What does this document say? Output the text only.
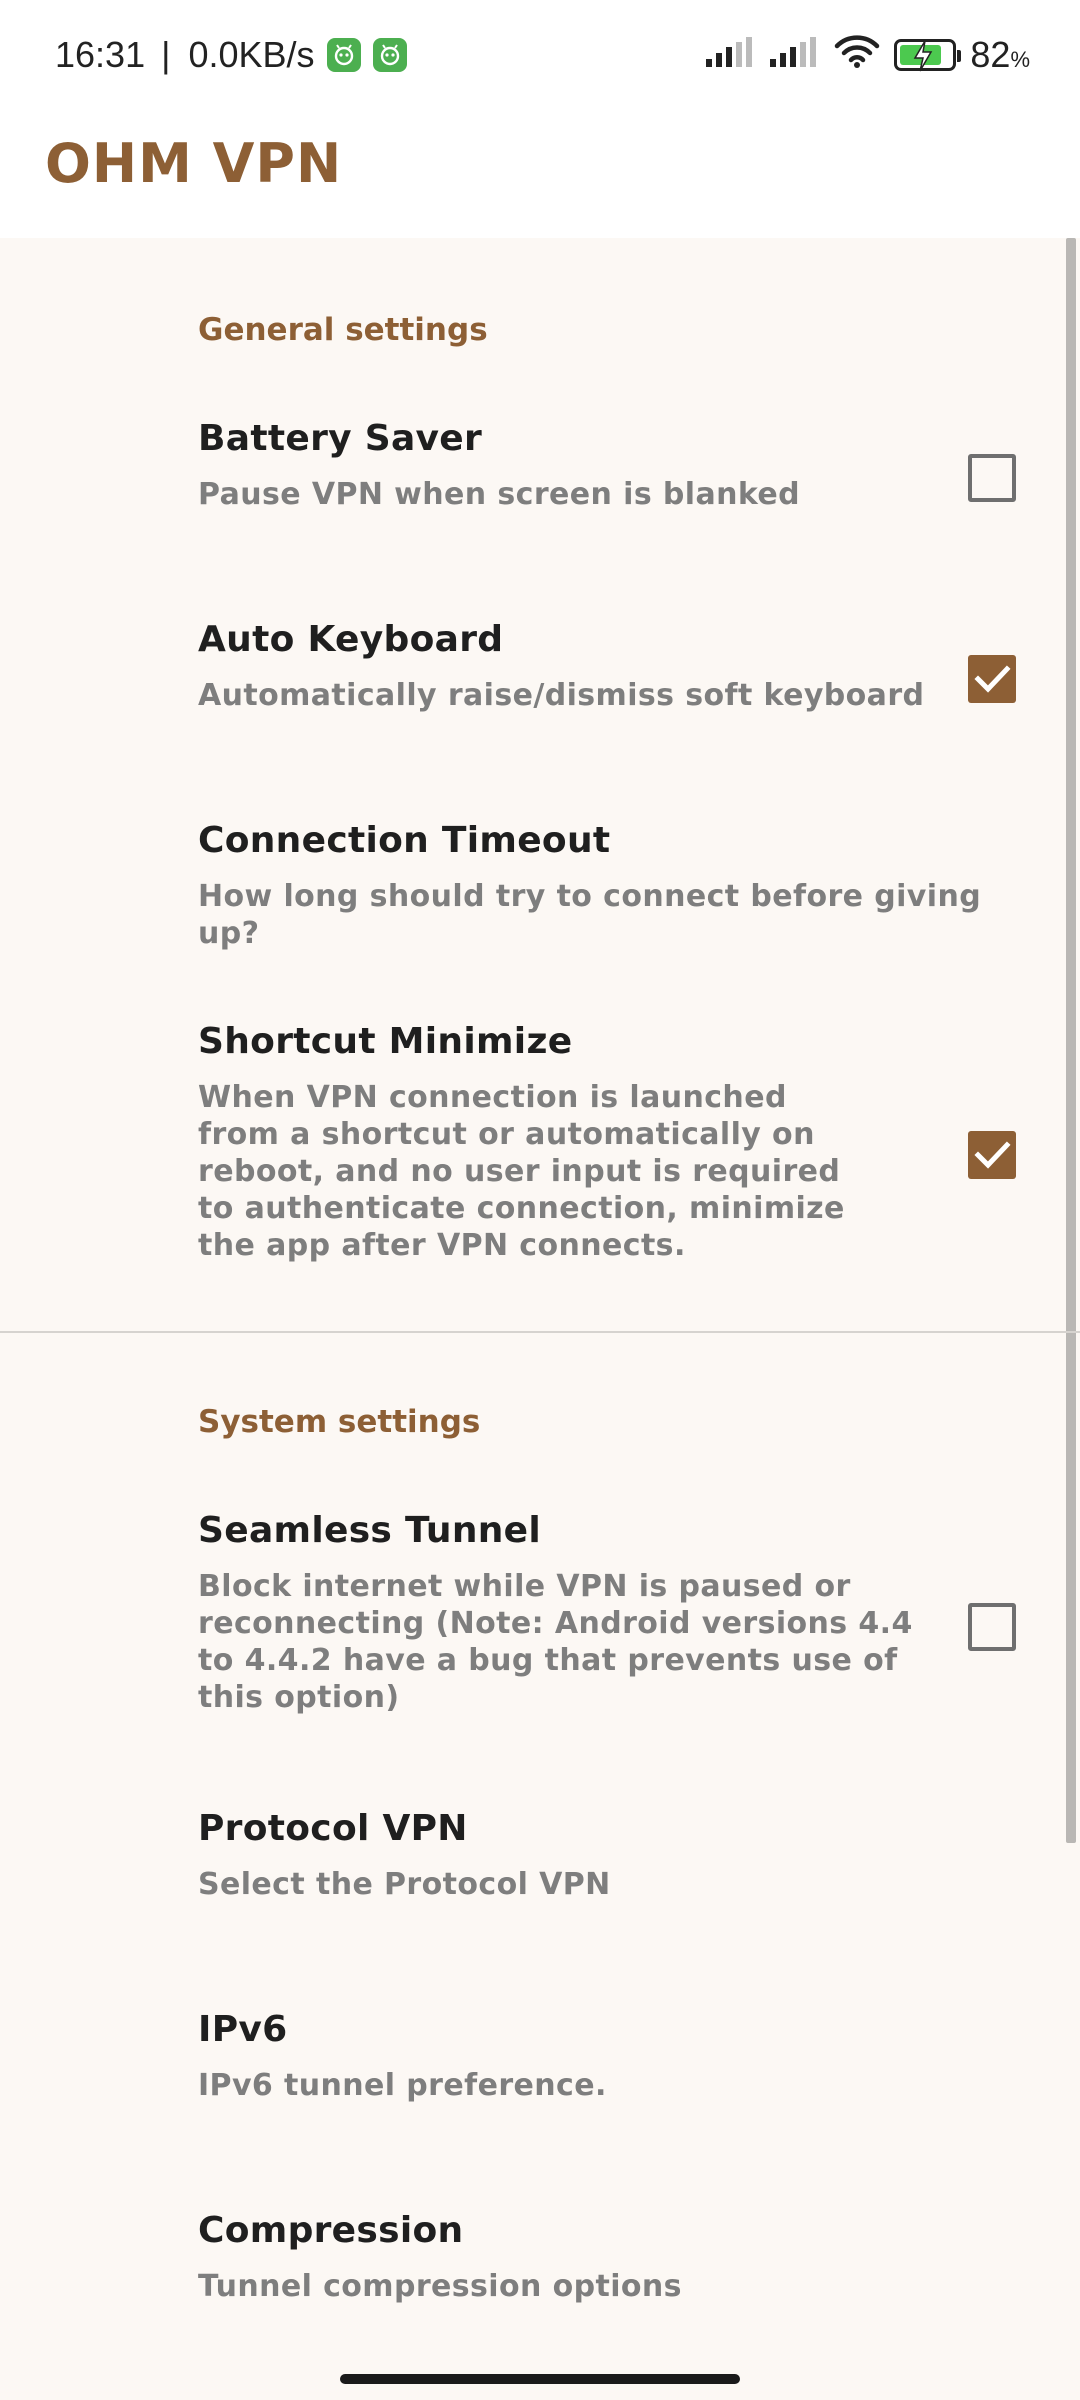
16:31 | 0.0KB/s	82%
OHM VPN
General settings
Battery Saver
Pause VPN when screen is blanked
Auto Keyboard
Automatically raise/dismiss soft keyboard
Connection Timeout
How long should try to connect before giving up?
Shortcut Minimize
When VPN connection is launched from a shortcut or automatically on reboot, and no user input is required to authenticate connection, minimize the app after VPN connects.
System settings
Seamless Tunnel
Block internet while VPN is paused or reconnecting (Note: Android versions 4.4 to 4.4.2 have a bug that prevents use of this option)
Protocol VPN
Select the Protocol VPN
IPv6
IPv6 tunnel preference.
Compression
Tunnel compression options
